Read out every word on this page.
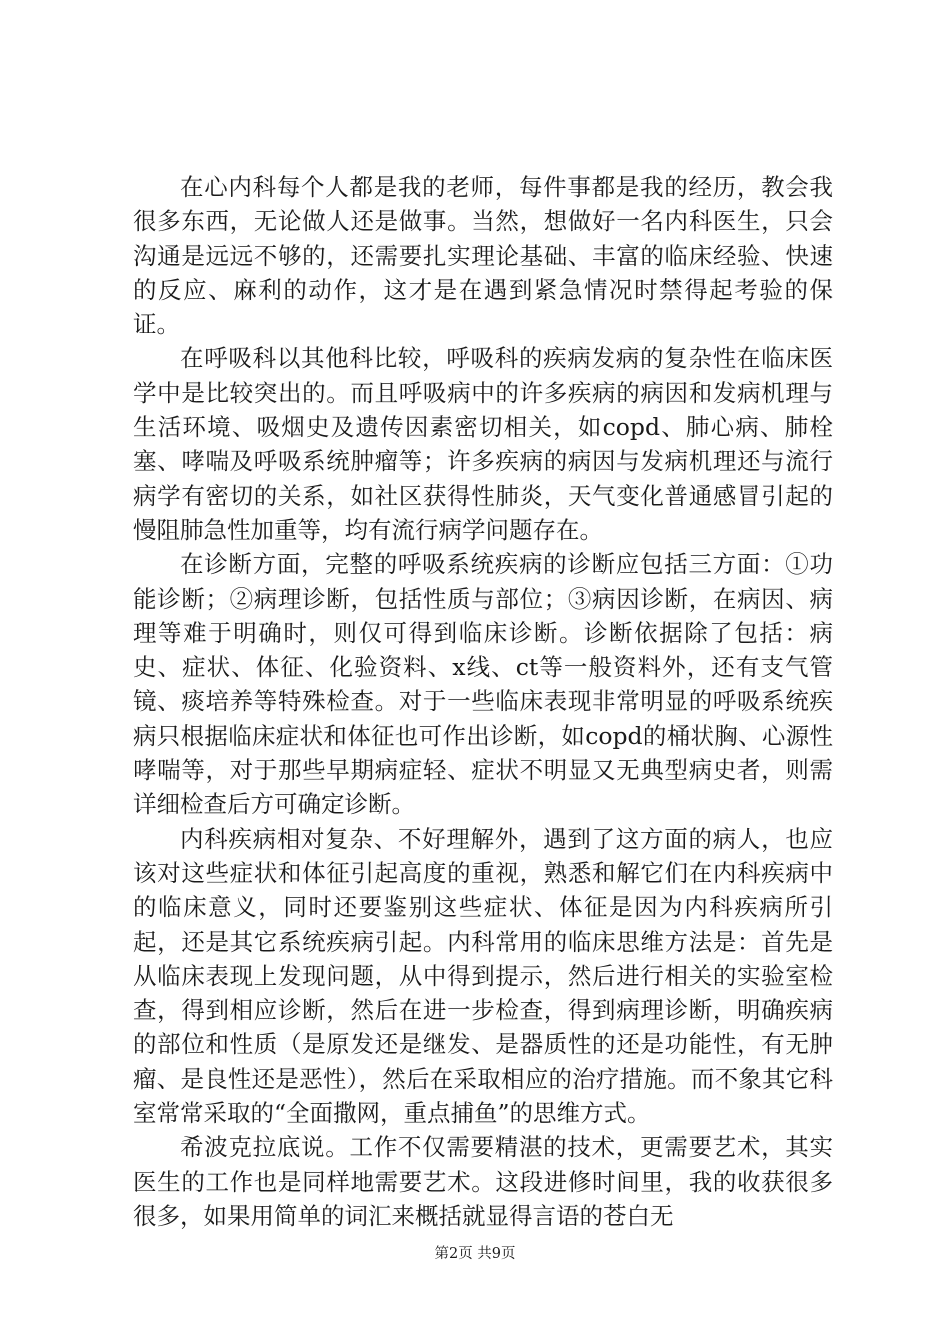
在心内科每个人都是我的老师，每件事都是我的经历，教会我很多东西，无论做人还是做事。当然，想做好一名内科医生，只会沟通是远远不够的，还需要扎实理论基础、丰富的临床经验、快速的反应、麻利的动作，这才是在遇到紧急情况时禁得起考验的保证。

在呼吸科以其他科比较，呼吸科的疾病发病的复杂性在临床医学中是比较突出的。而且呼吸病中的许多疾病的病因和发病机理与生活环境、吸烟史及遗传因素密切相关，如copd、肺心病、肺栓塞、哮喘及呼吸系统肿瘤等；许多疾病的病因与发病机理还与流行病学有密切的关系，如社区获得性肺炎，天气变化普通感冒引起的慢阻肺急性加重等，均有流行病学问题存在。

在诊断方面，完整的呼吸系统疾病的诊断应包括三方面：①功能诊断；②病理诊断，包括性质与部位；③病因诊断，在病因、病理等难于明确时，则仅可得到临床诊断。诊断依据除了包括：病史、症状、体征、化验资料、x线、ct等一般资料外，还有支气管镜、痰培养等特殊检查。对于一些临床表现非常明显的呼吸系统疾病只根据临床症状和体征也可作出诊断，如copd的桶状胸、心源性哮喘等，对于那些早期病症轻、症状不明显又无典型病史者，则需详细检查后方可确定诊断。

内科疾病相对复杂、不好理解外，遇到了这方面的病人，也应该对这些症状和体征引起高度的重视，熟悉和解它们在内科疾病中的临床意义，同时还要鉴别这些症状、体征是因为内科疾病所引起，还是其它系统疾病引起。内科常用的临床思维方法是：首先是从临床表现上发现问题，从中得到提示，然后进行相关的实验室检查，得到相应诊断，然后在进一步检查，得到病理诊断，明确疾病的部位和性质（是原发还是继发、是器质性的还是功能性，有无肿瘤、是良性还是恶性），然后在采取相应的治疗措施。而不象其它科室常常采取的“全面撒网，重点捕鱼”的思维方式。

希波克拉底说。工作不仅需要精湛的技术，更需要艺术，其实医生的工作也是同样地需要艺术。这段进修时间里，我的收获很多很多，如果用简单的词汇来概括就显得言语的苍白无

第2页 共9页
